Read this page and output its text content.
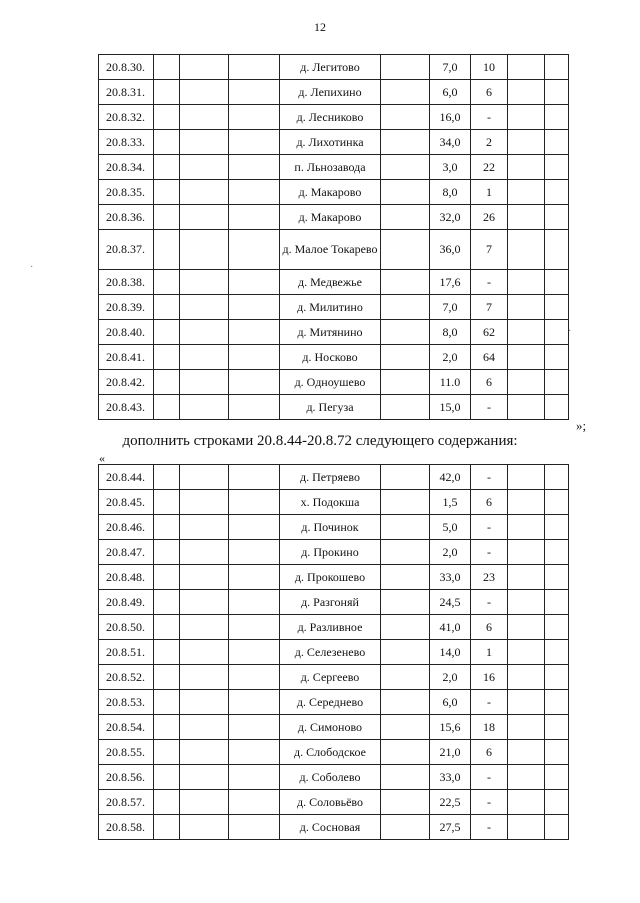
12
20.8.30.				д. Легитово		7,0	10		
20.8.31.				д. Лепихино		6,0	6		
20.8.32.				д. Лесниково		16,0	-		
20.8.33.				д. Лихотинка		34,0	2		
20.8.34.				п. Льнозавода		3,0	22		
20.8.35.				д. Макарово		8,0	1		
20.8.36.				д. Макарово		32,0	26		
20.8.37.				д. Малое Токарево		36,0	7		
20.8.38.				д. Медвежье		17,6	-		
20.8.39.				д. Милитино		7,0	7		
20.8.40.				д. Митянино		8,0	62		
20.8.41.				д. Носково		2,0	64		
20.8.42.				д. Одноушево		11.0	6		
20.8.43.				д. Пегуза		15,0	-		
»;
дополнить строками 20.8.44-20.8.72 следующего содержания:
«
20.8.44.				д. Петряево		42,0	-		
20.8.45.				х. Подокша		1,5	6		
20.8.46.				д. Починок		5,0	-		
20.8.47.				д. Прокино		2,0	-		
20.8.48.				д. Прокошево		33,0	23		
20.8.49.				д. Разгоняй		24,5	-		
20.8.50.				д. Разливное		41,0	6		
20.8.51.				д. Селезенево		14,0	1		
20.8.52.				д. Сергеево		2,0	16		
20.8.53.				д. Середнево		6,0	-		
20.8.54.				д. Симоново		15,6	18		
20.8.55.				д. Слободское		21,0	6		
20.8.56.				д. Соболево		33,0	-		
20.8.57.				д. Соловьёво		22,5	-		
20.8.58.				д. Сосновая		27,5	-		
·
·
